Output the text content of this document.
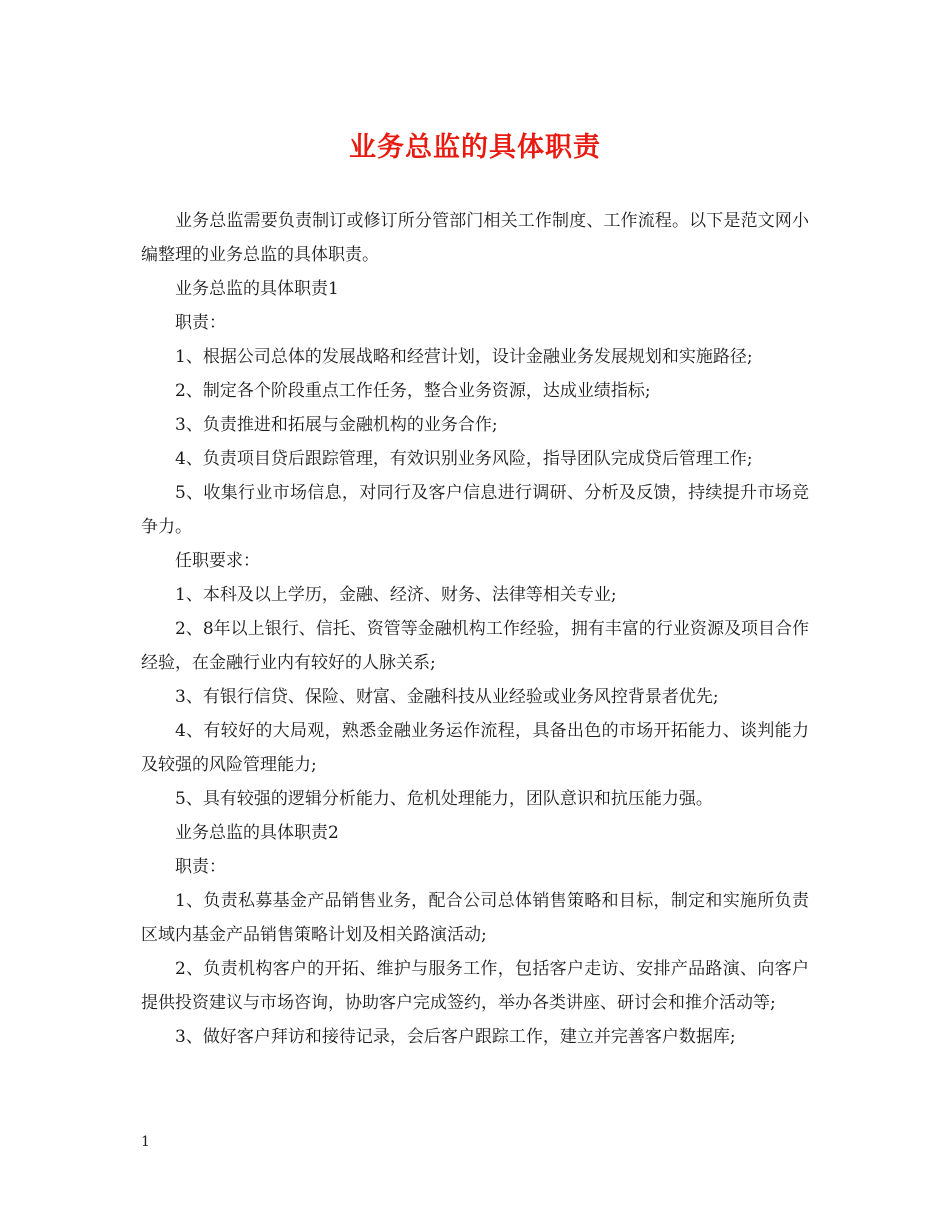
业务总监的具体职责

业务总监需要负责制订或修订所分管部门相关工作制度、工作流程。以下是范文网小编整理的业务总监的具体职责。

业务总监的具体职责1

职责：

1、根据公司总体的发展战略和经营计划，设计金融业务发展规划和实施路径;

2、制定各个阶段重点工作任务，整合业务资源，达成业绩指标;

3、负责推进和拓展与金融机构的业务合作;

4、负责项目贷后跟踪管理，有效识别业务风险，指导团队完成贷后管理工作;

5、收集行业市场信息，对同行及客户信息进行调研、分析及反馈，持续提升市场竞争力。

任职要求：

1、本科及以上学历，金融、经济、财务、法律等相关专业;

2、8年以上银行、信托、资管等金融机构工作经验，拥有丰富的行业资源及项目合作经验，在金融行业内有较好的人脉关系;

3、有银行信贷、保险、财富、金融科技从业经验或业务风控背景者优先;

4、有较好的大局观，熟悉金融业务运作流程，具备出色的市场开拓能力、谈判能力及较强的风险管理能力;

5、具有较强的逻辑分析能力、危机处理能力，团队意识和抗压能力强。

业务总监的具体职责2

职责：

1、负责私募基金产品销售业务，配合公司总体销售策略和目标，制定和实施所负责区域内基金产品销售策略计划及相关路演活动;

2、负责机构客户的开拓、维护与服务工作，包括客户走访、安排产品路演、向客户提供投资建议与市场咨询，协助客户完成签约，举办各类讲座、研讨会和推介活动等;

3、做好客户拜访和接待记录，会后客户跟踪工作，建立并完善客户数据库;

1
